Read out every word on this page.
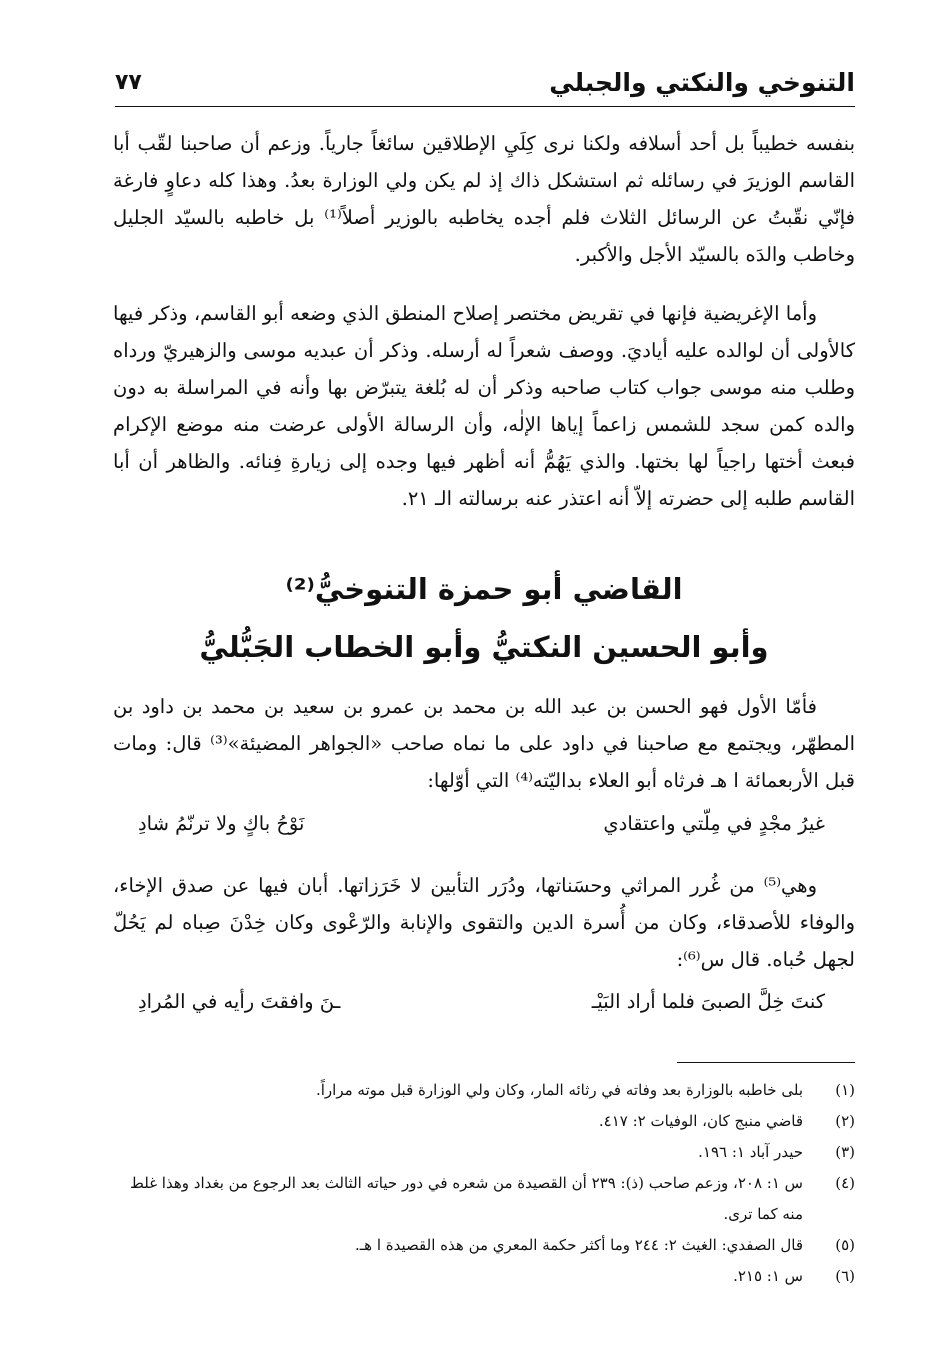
التنوخي والنكتي والجبلي
٧٧

بنفسه خطيباً بل أحد أسلافه ولكنا نرى كِلَيِ الإطلاقين سائغاً جارياً. وزعم أن صاحبنا لقّب أبا القاسم الوزيرَ في رسائله ثم استشكل ذاك إذ لم يكن ولي الوزارة بعدُ. وهذا كله دعاوٍ فارغة فإنّي نقّبتُ عن الرسائل الثلاث فلم أجده يخاطبه بالوزير أصلاً⁽¹⁾ بل خاطبه بالسيّد الجليل وخاطب والدَه بالسيّد الأجل والأكبر.

وأما الإغريضية فإنها في تقريض مختصر إصلاح المنطق الذي وضعه أبو القاسم، وذكر فيها كالأولى أن لوالده عليه أياديَ. ووصف شعراً له أرسله. وذكر أن عبديه موسى والزهيريّ ورداه وطلب منه موسى جواب كتاب صاحبه وذكر أن له بُلغة يتبرّض بها وأنه في المراسلة به دون والده كمن سجد للشمس زاعماً إياها الإلٰه، وأن الرسالة الأولى عرضت منه موضع الإكرام فبعث أختها راجياً لها بختها. والذي يَهُمُّ أنه أظهر فيها وجده إلى زيارةِ فِنائه. والظاهر أن أبا القاسم طلبه إلى حضرته إلاّ أنه اعتذر عنه برسالته الـ ٢١.

القاضي أبو حمزة التنوخيُّ⁽²⁾
وأبو الحسين النكتيُّ وأبو الخطاب الجَبُّليُّ

فأمّا الأول فهو الحسن بن عبد الله بن محمد بن عمرو بن سعيد بن محمد بن داود بن المطهّر، ويجتمع مع صاحبنا في داود على ما نماه صاحب «الجواهر المضيئة»⁽³⁾ قال: ومات قبل الأربعمائة ا هـ فرثاه أبو العلاء بداليّته⁽⁴⁾ التي أوّلها:

غيرُ مجْدٍ في مِلّتي واعتقادي
نَوْحُ باكٍ ولا ترنّمُ شادِ

وهي⁽⁵⁾ من غُرر المراثي وحسَناتها، ودُرَر التأبين لا خَرَزاتها. أبان فيها عن صدق الإخاء، والوفاء للأصدقاء، وكان من أُسرة الدين والتقوى والإنابة والرّعْوى وكان خِدْنَ صِباه لم يَحُلّ لجهل حُباه. قال س⁽⁶⁾:

كنتَ خِلَّ الصبىَ فلما أراد البَيْـ
ـنَ وافقتَ رأيه في المُرادِ
(١)
بلى خاطبه بالوزارة بعد وفاته في رثائه المار، وكان ولي الوزارة قبل موته مراراً.
(٢)
قاضي منبج كان، الوفيات ٢: ٤١٧.
(٣)
حيدر آباد ١: ١٩٦.
(٤)
س ١: ٢٠٨، وزعم صاحب (ذ): ٢٣٩ أن القصيدة من شعره في دور حياته الثالث بعد الرجوع من بغداد وهذا غلط منه كما ترى.
(٥)
قال الصفدي: الغيث ٢: ٢٤٤ وما أكثر حكمة المعري من هذه القصيدة ا هـ.
(٦)
س ١: ٢١٥.
